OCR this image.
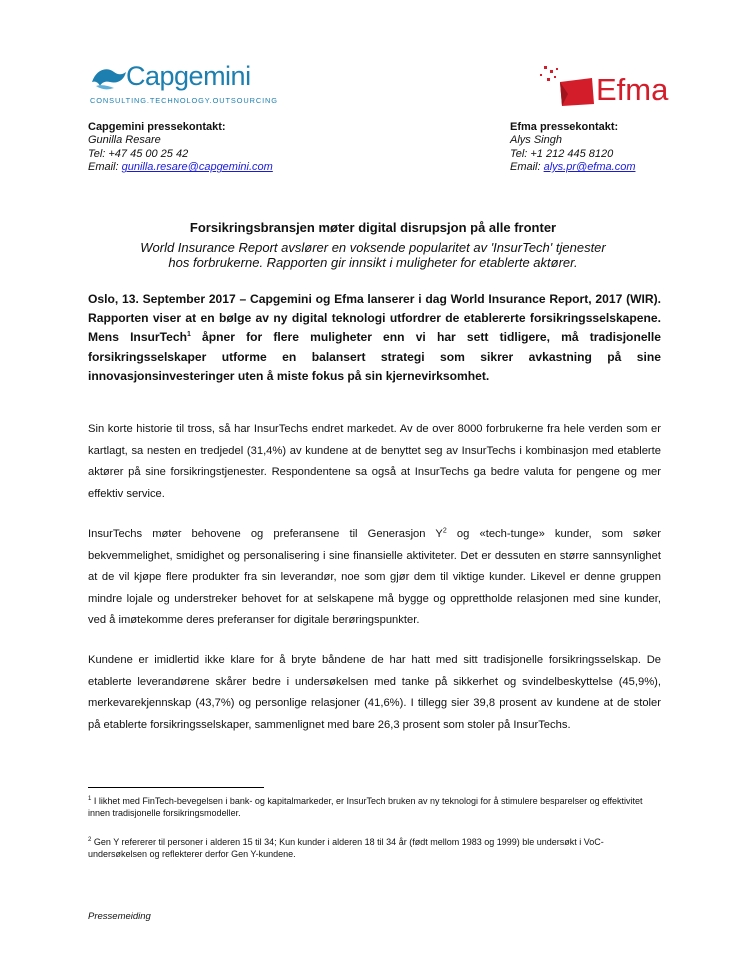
Capgemini
CONSULTING.TECHNOLOGY.OUTSOURCING	Efma
Capgemini pressekontakt:
Gunilla Resare
Tel: +47 45 00 25 42
Email: gunilla.resare@capgemini.com
Efma pressekontakt:
Alys Singh
Tel: +1 212 445 8120
Email: alys.pr@efma.com
Forsikringsbransjen møter digital disrupsjon på alle fronter
World Insurance Report avslører en voksende popularitet av 'InsurTech' tjenester
hos forbrukerne. Rapporten gir innsikt i muligheter for etablerte aktører.
Oslo, 13. September 2017 – Capgemini og Efma lanserer i dag World Insurance Report, 2017 (WIR). Rapporten viser at en bølge av ny digital teknologi utfordrer de etablererte forsikringsselskapene. Mens InsurTech$^1$ åpner for flere muligheter enn vi har sett tidligere, må tradisjonelle forsikringsselskaper utforme en balansert strategi som sikrer avkastning på sine innovasjonsinvesteringer uten å miste fokus på sin kjernevirksomhet.
Sin korte historie til tross, så har InsurTechs endret markedet. Av de over 8000 forbrukerne fra hele verden som er kartlagt, sa nesten en tredjedel (31,4%) av kundene at de benyttet seg av InsurTechs i kombinasjon med etablerte aktører på sine forsikringstjenester. Respondentene sa også at InsurTechs ga bedre valuta for pengene og mer effektiv service.
InsurTechs møter behovene og preferansene til Generasjon $Y^2$ og «tech-tunge» kunder, som søker bekvemmelighet, smidighet og personalisering i sine finansielle aktiviteter. Det er dessuten en større sannsynlighet at de vil kjøpe flere produkter fra sin leverandør, noe som gjør dem til viktige kunder. Likevel er denne gruppen mindre lojale og understreker behovet for at selskapene må bygge og opprettholde relasjonen med sine kunder, ved å imøtekomme deres preferanser for digitale berøringspunkter.
Kundene er imidlertid ikke klare for å bryte båndene de har hatt med sitt tradisjonelle forsikringsselskap. De etablerte leverandørene skårer bedre i undersøkelsen med tanke på sikkerhet og svindelbeskyttelse (45,9%), merkevarekjennskap (43,7%) og personlige relasjoner (41,6%). I tillegg sier 39,8 prosent av kundene at de stoler på etablerte forsikringsselskaper, sammenlignet med bare 26,3 prosent som stoler på InsurTechs.
$^1$ I likhet med FinTech-bevegelsen i bank- og kapitalmarkeder, er InsurTech bruken av ny teknologi for å stimulere besparelser og effektivitet innen tradisjonelle forsikringsmodeller.
$^2$ Gen Y refererer til personer i alderen 15 til 34; Kun kunder i alderen 18 til 34 år (født mellom 1983 og 1999) ble undersøkt i VoC-undersøkelsen og reflekterer derfor Gen Y-kundene.
Pressemeiding
